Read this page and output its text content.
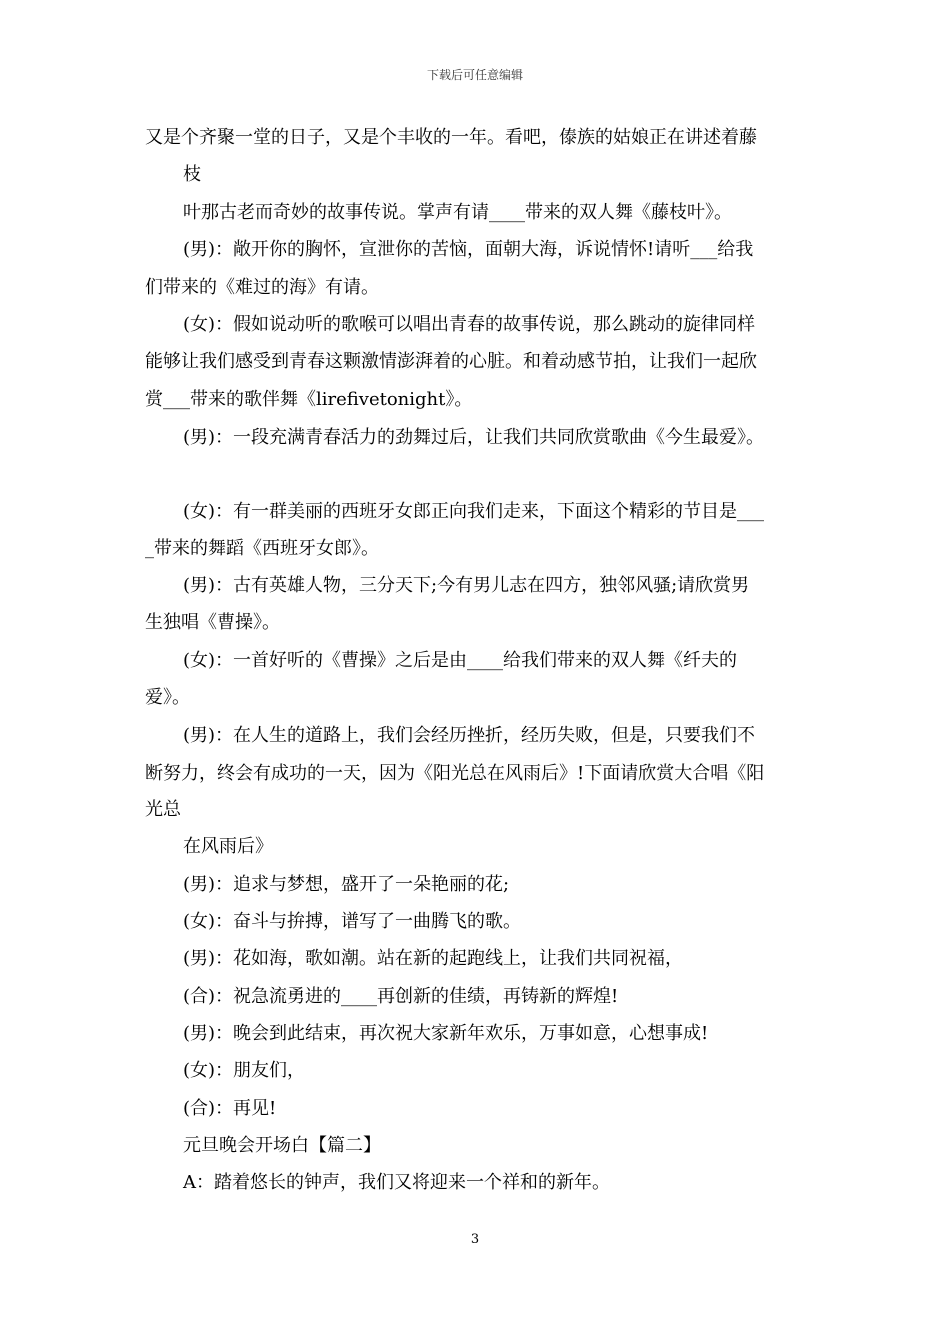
下载后可任意编辑
又是个齐聚一堂的日子，又是个丰收的一年。看吧，傣族的姑娘正在讲述着藤
枝
叶那古老而奇妙的故事传说。掌声有请____带来的双人舞《藤枝叶》。
(男)：敞开你的胸怀，宣泄你的苦恼，面朝大海，诉说情怀!请听___给我
们带来的《难过的海》有请。
(女)：假如说动听的歌喉可以唱出青春的故事传说，那么跳动的旋律同样
能够让我们感受到青春这颗激情澎湃着的心脏。和着动感节拍，让我们一起欣
赏___带来的歌伴舞《lirefivetonight》。
(男)：一段充满青春活力的劲舞过后，让我们共同欣赏歌曲《今生最爱》。
(女)：有一群美丽的西班牙女郎正向我们走来，下面这个精彩的节目是___
_带来的舞蹈《西班牙女郎》。
(男)：古有英雄人物，三分天下;今有男儿志在四方，独邻风骚;请欣赏男
生独唱《曹操》。
(女)：一首好听的《曹操》之后是由____给我们带来的双人舞《纤夫的
爱》。
(男)：在人生的道路上，我们会经历挫折，经历失败，但是，只要我们不
断努力，终会有成功的一天，因为《阳光总在风雨后》!下面请欣赏大合唱《阳
光总
在风雨后》
(男)：追求与梦想，盛开了一朵艳丽的花;
(女)：奋斗与拚搏，谱写了一曲腾飞的歌。
(男)：花如海，歌如潮。站在新的起跑线上，让我们共同祝福，
(合)：祝急流勇进的____再创新的佳绩，再铸新的辉煌!
(男)：晚会到此结束，再次祝大家新年欢乐，万事如意，心想事成!
(女)：朋友们，
(合)：再见!
元旦晚会开场白【篇二】
A：踏着悠长的钟声，我们又将迎来一个祥和的新年。
3
